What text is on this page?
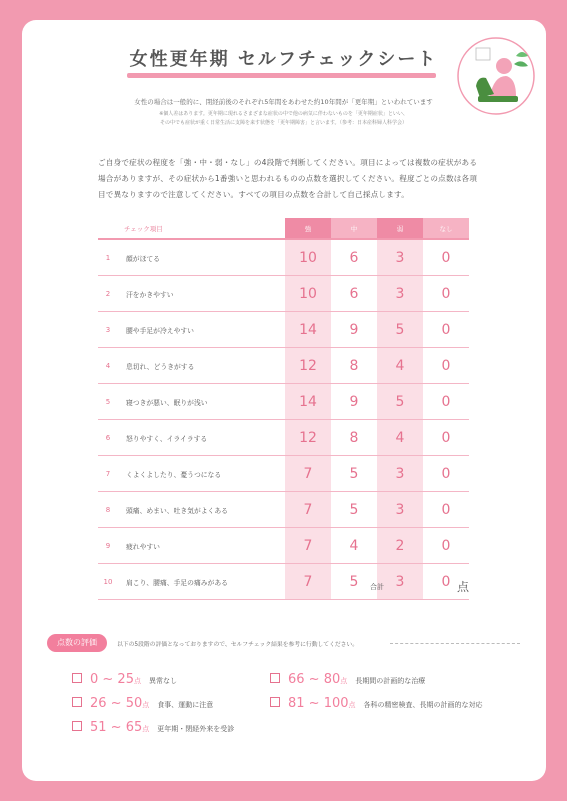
女性更年期 セルフチェックシート
女性の場合は一般的に、閉経前後のそれぞれ5年間をあわせた約10年間が「更年期」といわれています
※個人差はあります。更年期に現れるさまざまな症状の中で他の病気に伴わないものを「更年期症状」といい、
その中でも症状が重く日常生活に支障を来す状態を「更年期障害」と言います。（参考：日本産科婦人科学会）
ご自身で症状の程度を「強・中・弱・なし」の4段階で判断してください。項目によっては複数の症状がある場合がありますが、その症状から1番強いと思われるものの点数を選択してください。程度ごとの点数は各項目で異なりますので注意してください。すべての項目の点数を合計して自己採点します。
チェック項目		強	中	弱	なし
1	顔がほてる	10	6	3	0
2	汗をかきやすい	10	6	3	0
3	腰や手足が冷えやすい	14	9	5	0
4	息切れ、どうきがする	12	8	4	0
5	寝つきが悪い、眠りが浅い	14	9	5	0
6	怒りやすく、イライラする	12	8	4	0
7	くよくよしたり、憂うつになる	7	5	3	0
8	頭痛、めまい、吐き気がよくある	7	5	3	0
9	疲れやすい	7	4	2	0
10	肩こり、腰痛、手足の痛みがある	7	5	3	0
合計	点
点数の評価	以下の5段階の評価となっておりますので、セルフチェック結果を参考に行動してください。
0 ~ 25 点 異常なし
26 ~ 50 点 食事、運動に注意
51 ~ 65 点 更年期・閉経外来を受診
66 ~ 80 点 長期間の計画的な治療
81 ~ 100 点 各科の精密検査、長期の計画的な対応
出典：日本医師会雑誌109巻258p,1993 小山嵩夫医師
